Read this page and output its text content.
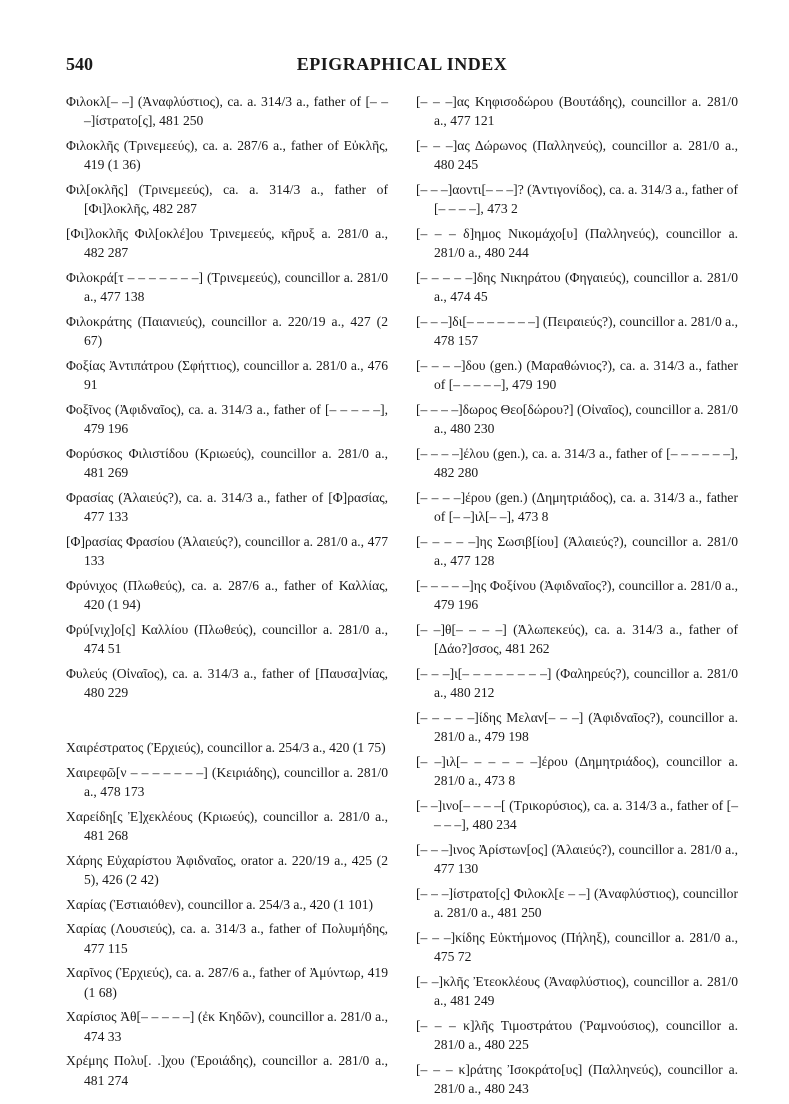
540	EPIGRAPHICAL INDEX

Φιλοκλ[– –] (Ἀναφλύστιος), ca. a. 314/3 a., father of [– – –]ίστρατο[ς], 481 250

Φιλοκλῆς (Τρινεμεεύς), ca. a. 287/6 a., father of Εὐκλῆς, 419 (1 36)

Φιλ[οκλῆς] (Τρινεμεεύς), ca. a. 314/3 a., father of [Φι]λοκλῆς, 482 287

[Φι]λοκλῆς Φιλ[οκλέ]ου Τρινεμεεύς, κῆρυξ a. 281/0 a., 482 287

Φιλοκρά[τ – – – – – – –] (Τρινεμεεύς), councillor a. 281/0 a., 477 138

Φιλοκράτης (Παιανιεύς), councillor a. 220/19 a., 427 (2 67)

Φοξίας Ἀντιπάτρου (Σφήττιος), councillor a. 281/0 a., 476 91

Φοξῖνος (Ἀφιδναῖος), ca. a. 314/3 a., father of [– – – – –], 479 196

Φορύσκος Φιλιστίδου (Κριωεύς), councillor a. 281/0 a., 481 269

Φρασίας (Ἁλαιεύς?), ca. a. 314/3 a., father of [Φ]ρασίας, 477 133

[Φ]ρασίας Φρασίου (Ἁλαιεύς?), councillor a. 281/0 a., 477 133

Φρύνιχος (Πλωθεύς), ca. a. 287/6 a., father of Καλλίας, 420 (1 94)

Φρύ[νιχ]ο[ς] Καλλίου (Πλωθεύς), councillor a. 281/0 a., 474 51

Φυλεύς (Οἰναῖος), ca. a. 314/3 a., father of [Παυσα]νίας, 480 229

Χαιρέστρατος (Ἐρχιεύς), councillor a. 254/3 a., 420 (1 75)

Χαιρεφῶ[ν – – – – – – –] (Κειριάδης), councillor a. 281/0 a., 478 173

Χαρείδη[ς Ἐ]χεκλέους (Κριωεύς), councillor a. 281/0 a., 481 268

Χάρης Εὐχαρίστου Ἀφιδναῖος, orator a. 220/19 a., 425 (2 5), 426 (2 42)

Χαρίας (Ἑστιαιόθεν), councillor a. 254/3 a., 420 (1 101)

Χαρίας (Λουσιεύς), ca. a. 314/3 a., father of Πολυμήδης, 477 115

Χαρῖνος (Ἐρχιεύς), ca. a. 287/6 a., father of Ἀμύντωρ, 419 (1 68)

Χαρίσιος Ἀθ[– – – – –] (ἐκ Κηδῶν), councillor a. 281/0 a., 474 33

Χρέμης Πολυ[. .]χου (Ἐροιάδης), councillor a. 281/0 a., 481 274

[– – –]ας Κηφισοδώρου (Βουτάδης), councillor a. 281/0 a., 477 121

[– – –]ας Δώρωνος (Παλληνεύς), councillor a. 281/0 a., 480 245

[– – –]αοντι[– – –]? (Ἀντιγονίδος), ca. a. 314/3 a., father of [– – – –], 473 2

[– – – δ]ημος Νικομάχο[υ] (Παλληνεύς), councillor a. 281/0 a., 480 244

[– – – – –]δης Νικηράτου (Φηγαιεύς), councillor a. 281/0 a., 474 45

[– – –]δι[– – – – – – –] (Πειραιεύς?), councillor a. 281/0 a., 478 157

[– – – –]δου (gen.) (Μαραθώνιος?), ca. a. 314/3 a., father of [– – – – –], 479 190

[– – – –]δωρος Θεο[δώρου?] (Οἰναῖος), councillor a. 281/0 a., 480 230

[– – – –]έλου (gen.), ca. a. 314/3 a., father of [– – – – – –], 482 280

[– – – –]έρου (gen.) (Δημητριάδος), ca. a. 314/3 a., father of [– –]ιλ[– –], 473 8

[– – – – –]ης Σωσιβ[ίου] (Ἁλαιεύς?), councillor a. 281/0 a., 477 128

[– – – – –]ης Φοξίνου (Ἀφιδναῖος?), councillor a. 281/0 a., 479 196

[– –]θ[– – – –] (Ἀλωπεκεύς), ca. a. 314/3 a., father of [Δάο?]σσος, 481 262

[– – –]ι[– – – – – – – –] (Φαληρεύς?), councillor a. 281/0 a., 480 212

[– – – – –]ίδης Μελαν[– – –] (Ἀφιδναῖος?), councillor a. 281/0 a., 479 198

[– –]ιλ[– – – – – –]έρου (Δημητριάδος), councillor a. 281/0 a., 473 8

[– –]ινο[– – – –[ (Τρικορύσιος), ca. a. 314/3 a., father of [– – – –], 480 234

[– – –]ινος Ἀρίστων[ος] (Ἁλαιεύς?), councillor a. 281/0 a., 477 130

[– – –]ίστρατο[ς] Φιλοκλ[ε – –] (Ἀναφλύστιος), councillor a. 281/0 a., 481 250

[– – –]κίδης Εὐκτήμονος (Πήληξ), councillor a. 281/0 a., 475 72

[– –]κλῆς Ἐτεοκλέους (Ἀναφλύστιος), councillor a. 281/0 a., 481 249

[– – – κ]λῆς Τιμοστράτου (Ῥαμνούσιος), councillor a. 281/0 a., 480 225

[– – – κ]ράτης Ἰσοκράτο[υς] (Παλληνεύς), councillor a. 281/0 a., 480 243
